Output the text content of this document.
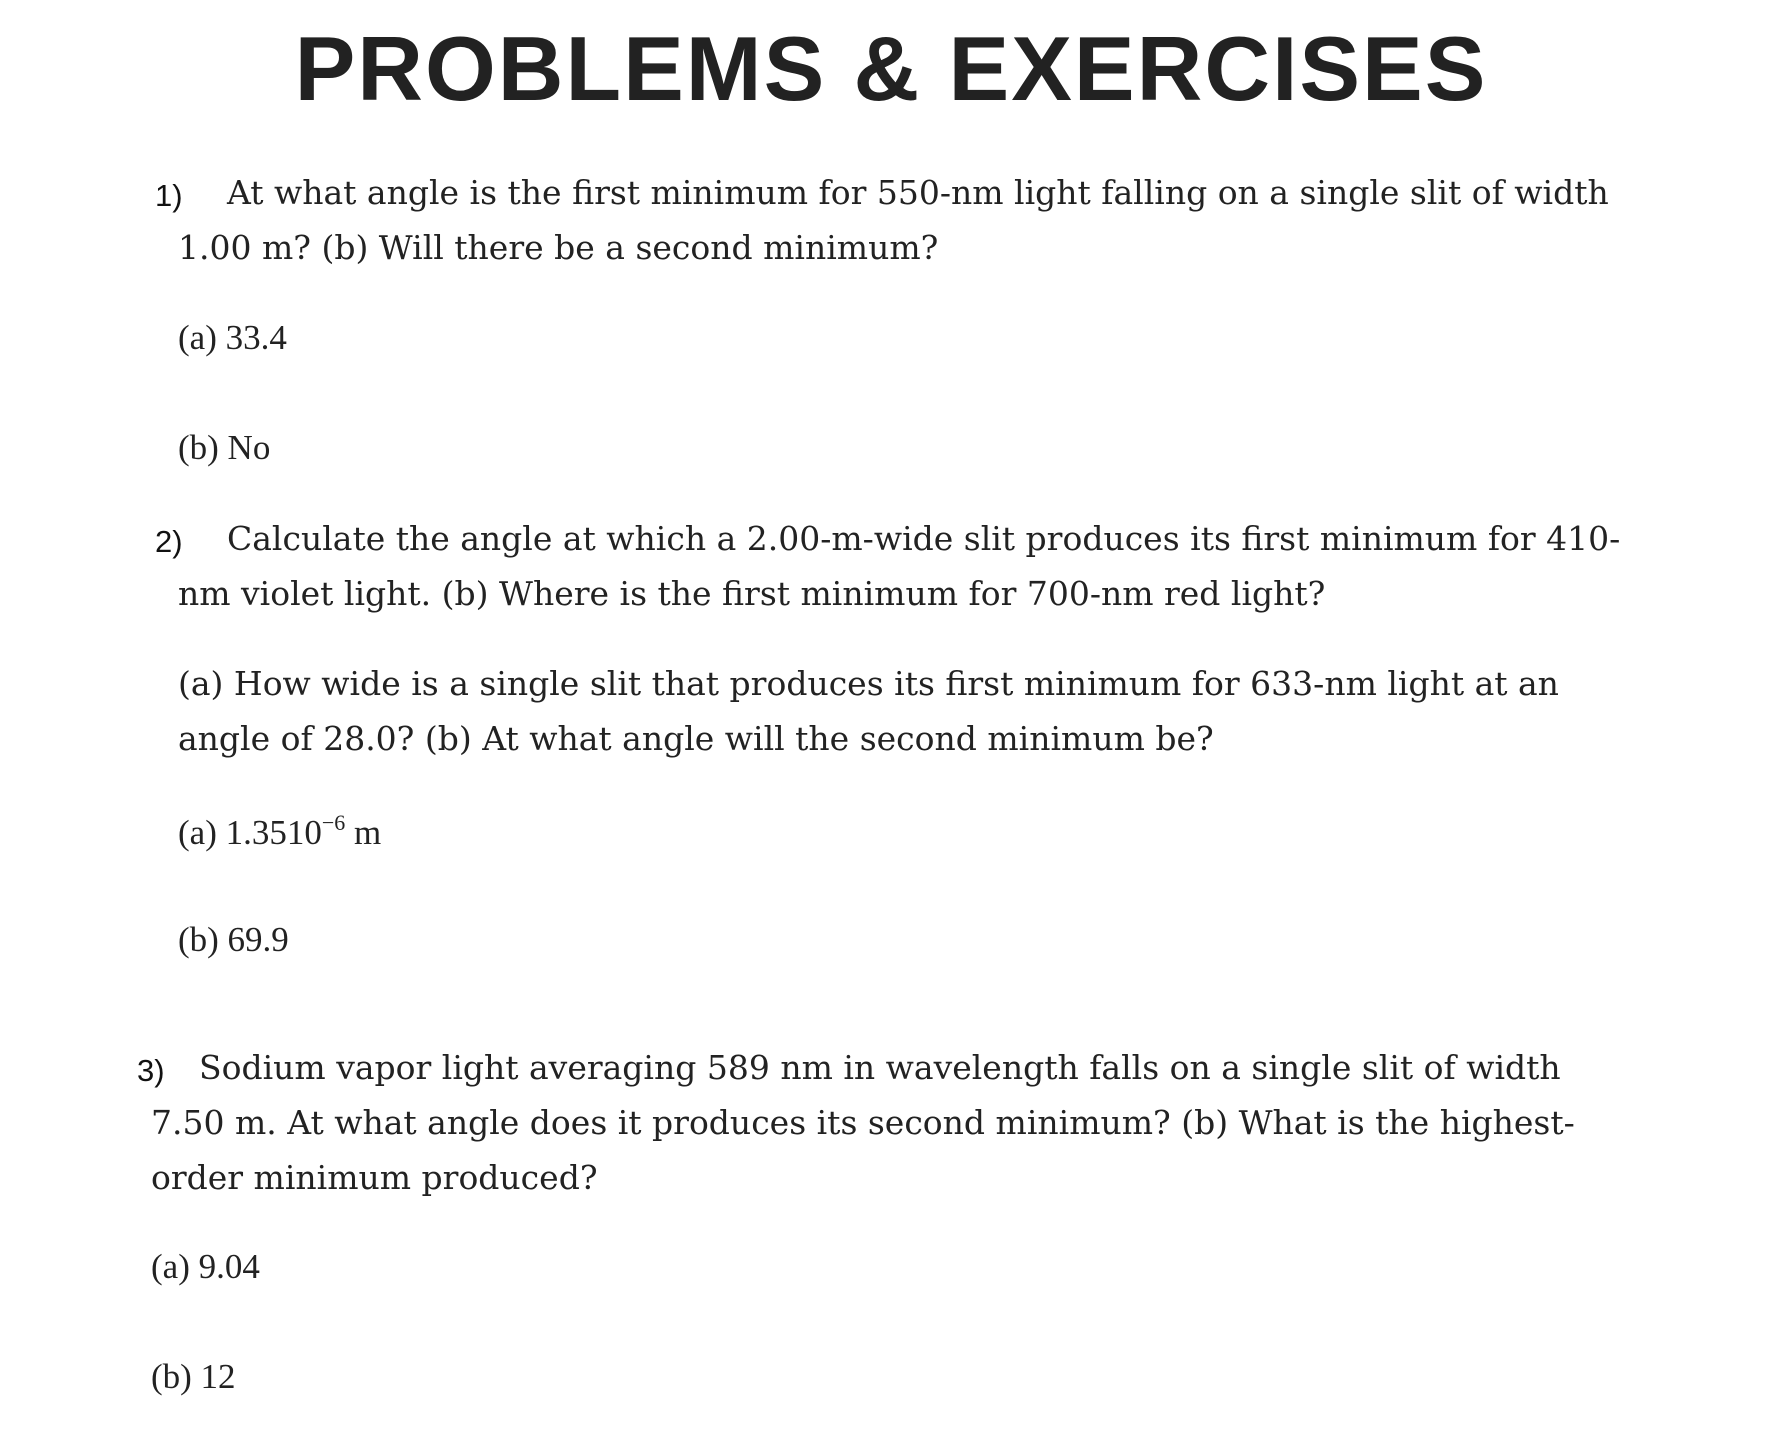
PROBLEMS & EXERCISES
1) At what angle is the first minimum for 550-nm light falling on a single slit of width
1.00 m? (b) Will there be a second minimum?
(a) 33.4
(b) No
2) Calculate the angle at which a 2.00-m-wide slit produces its first minimum for 410-
nm violet light. (b) Where is the first minimum for 700-nm red light?
(a) How wide is a single slit that produces its first minimum for 633-nm light at an
angle of 28.0? (b) At what angle will the second minimum be?
(a) $1.3510^{-6}$ m
(b) 69.9
3) Sodium vapor light averaging 589 nm in wavelength falls on a single slit of width
7.50 m. At what angle does it produces its second minimum? (b) What is the highest-
order minimum produced?
(a) 9.04
(b) 12
